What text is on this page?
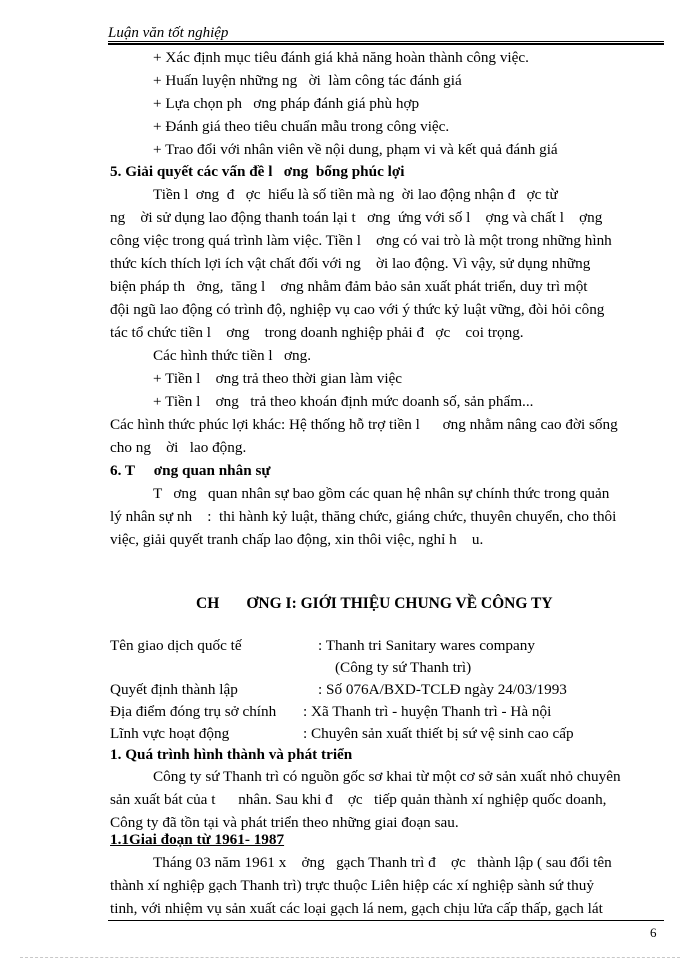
Luận văn tốt nghiệp
+ Xác định mục tiêu đánh giá khả năng hoàn thành công việc.
+ Huấn luyện những ng   ời  làm công tác đánh giá
+ Lựa chọn ph   ơng pháp đánh giá phù hợp
+ Đánh giá theo tiêu chuẩn mẫu trong công việc.
+ Trao đổi với nhân viên về nội dung, phạm vi và kết quả đánh giá
5. Giải quyết các vấn đề l   ơng  bổng phúc lợi
Tiền l  ơng  đ   ợc  hiểu là số tiền mà ng  ời lao động nhận đ   ợc từ
ng    ời sử dụng lao động thanh toán lại t   ơng  ứng với số l    ợng và chất l    ợng
công việc trong quá trình làm việc. Tiền l    ơng có vai trò là một trong những hình
thức kích thích lợi ích vật chất đối với ng    ời lao động. Vì vậy, sử dụng những
biện pháp th   ởng,  tăng l    ơng nhằm đảm bảo sản xuất phát triển, duy trì một
đội ngũ lao động có trình độ, nghiệp vụ cao với ý thức kỷ luật vững, đòi hỏi công
tác tổ chức tiền l    ơng    trong doanh nghiệp phải đ   ợc    coi trọng.
Các hình thức tiền l   ơng.
+ Tiền l    ơng trả theo thời gian làm việc
+ Tiền l    ơng   trả theo khoán định mức doanh số, sản phẩm...
Các hình thức phúc lợi khác: Hệ thống hỗ trợ tiền l      ơng nhằm nâng cao đời sống
cho ng    ời   lao động.
6. T     ơng quan nhân sự
T   ơng   quan nhân sự bao gồm các quan hệ nhân sự chính thức trong quản
lý nhân sự nh    :  thi hành kỷ luật, thăng chức, giáng chức, thuyên chuyển, cho thôi
việc, giải quyết tranh chấp lao động, xin thôi việc, nghỉ h    u.
CH       ƠNG I: GIỚI THIỆU CHUNG VỀ CÔNG TY
Tên giao dịch quốc tế	: Thanh tri Sanitary wares company
(Công ty sứ Thanh trì)
Quyết định thành lập	: Số 076A/BXD-TCLĐ ngày 24/03/1993
Địa điểm đóng trụ sở chính : Xã Thanh trì - huyện Thanh trì - Hà nội
Lĩnh vực hoạt động	: Chuyên sản xuất thiết bị sứ vệ sinh cao cấp
1. Quá trình hình thành và phát triển
Công ty sứ Thanh trì có nguồn gốc sơ khai từ một cơ sở sản xuất nhỏ chuyên
sản xuất bát của t      nhân. Sau khi đ    ợc   tiếp quản thành xí nghiệp quốc doanh,
Công ty đã tồn tại và phát triển theo những giai đoạn sau.
1.1Giai đoạn từ 1961- 1987
Tháng 03 năm 1961 x    ởng   gạch Thanh trì đ    ợc   thành lập ( sau đổi tên
thành xí nghiệp gạch Thanh trì) trực thuộc Liên hiệp các xí nghiệp sành sứ thuỷ
tinh, với nhiệm vụ sản xuất các loại gạch lá nem, gạch chịu lửa cấp thấp, gạch lát
6
